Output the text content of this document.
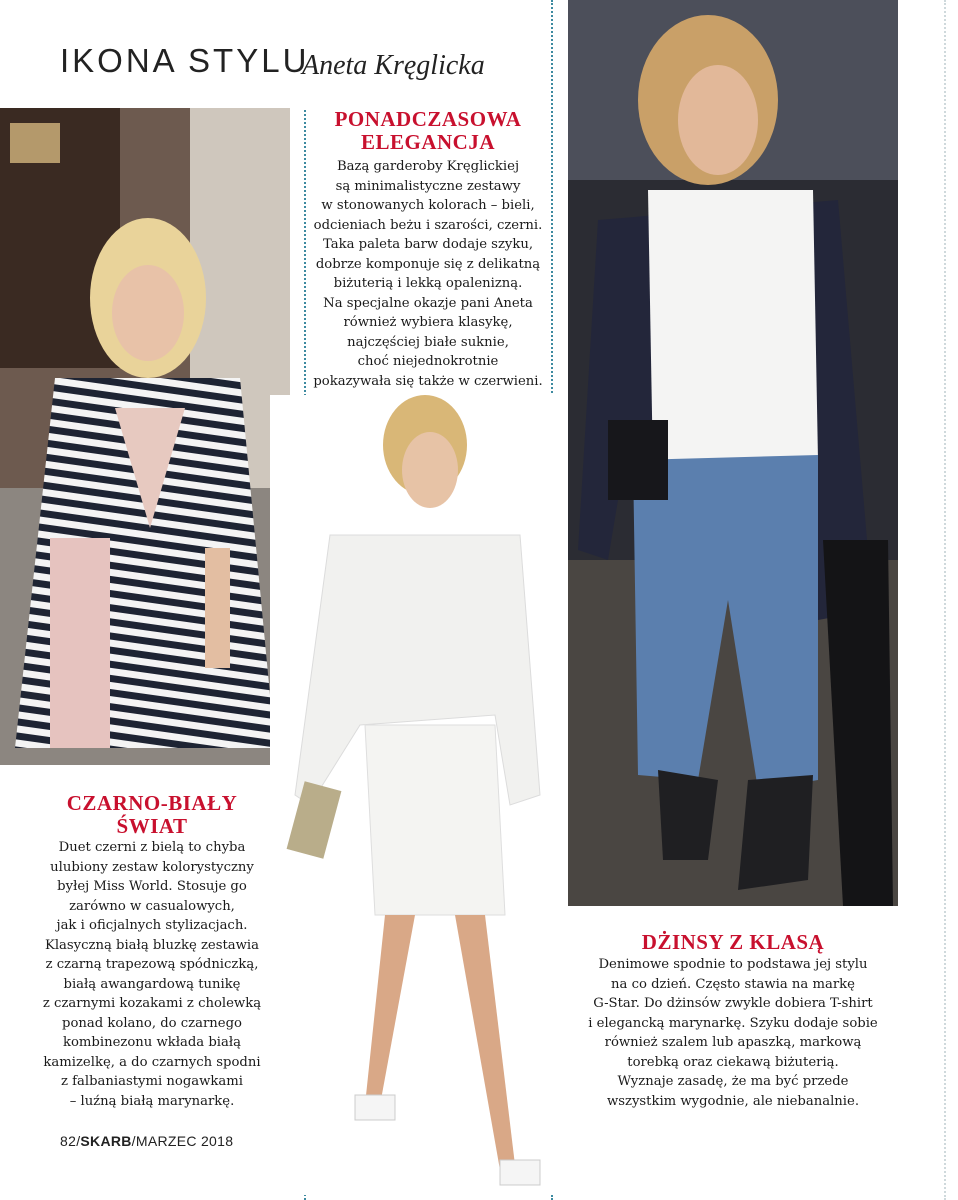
IKONA STYLU
Aneta Kręglicka
PONADCZASOWA
ELEGANCJA
Bazą garderoby Kręglickiej
są minimalistyczne zestawy
w stonowanych kolorach – bieli,
odcieniach beżu i szarości, czerni.
Taka paleta barw dodaje szyku,
dobrze komponuje się z delikatną
biżuterią i lekką opalenizną.
Na specjalne okazje pani Aneta
również wybiera klasykę,
najczęściej białe suknie,
choć niejednokrotnie
pokazywała się także w czerwieni.
CZARNO-BIAŁY
ŚWIAT
Duet czerni z bielą to chyba
ulubiony zestaw kolorystyczny
byłej Miss World. Stosuje go
zarówno w casualowych,
jak i oficjalnych stylizacjach.
Klasyczną białą bluzkę zestawia
z czarną trapezową spódniczką,
białą awangardową tunikę
z czarnymi kozakami z cholewką
ponad kolano, do czarnego
kombinezonu wkłada białą
kamizelkę, a do czarnych spodni
z falbaniastymi nogawkami
– luźną białą marynarkę.
DŻINSY Z KLASĄ
Denimowe spodnie to podstawa jej stylu
na co dzień. Często stawia na markę
G-Star. Do dżinsów zwykle dobiera T-shirt
i elegancką marynarkę. Szyku dodaje sobie
również szalem lub apaszką, markową
torebką oraz ciekawą biżuterią.
Wyznaje zasadę, że ma być przede
wszystkim wygodnie, ale niebanalnie.
82/SKARB/MARZEC 2018
